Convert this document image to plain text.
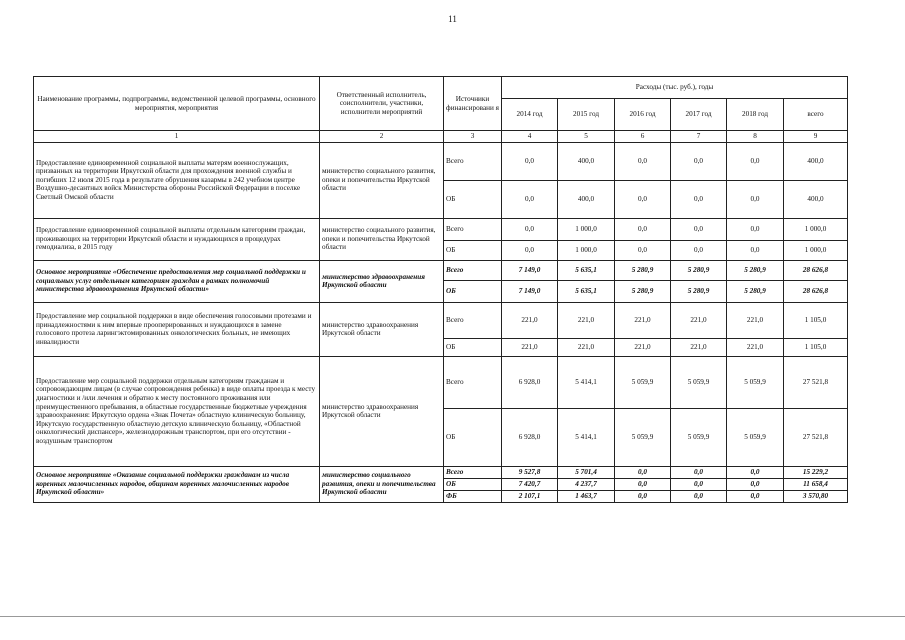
11
Наименование программы, подпрограммы, ведомственной целевой программы, основного мероприятия, мероприятия	Ответственный исполнитель, соисполнители, участники, исполнители мероприятий	Источники финансировани я	Расходы (тыс. руб.), годы					
			2014 год	2015 год	2016 год	2017 год	2018 год	всего
1	2	3	4	5	6	7	8	9
Предоставление единовременной социальной выплаты матерям военнослужащих, призванных на территории Иркутской области для прохождения военной службы и погибших 12 июля 2015 года в результате обрушения казармы в 242 учебном центре Воздушно-десантных войск Министерства обороны Российской Федерации в поселке Светлый Омской области	министерство социального развития, опеки и попечительства Иркутской области	Всего	0,0	400,0	0,0	0,0	0,0	400,0
		ОБ	0,0	400,0	0,0	0,0	0,0	400,0
Предоставление единовременной социальной выплаты отдельным категориям граждан, проживающих на территории Иркутской области и нуждающихся в процедурах гемодиализа, в 2015 году	министерство социального развития, опеки и попечительства Иркутской области	Всего	0,0	1 000,0	0,0	0,0	0,0	1 000,0
		ОБ	0,0	1 000,0	0,0	0,0	0,0	1 000,0
Основное мероприятие «Обеспечение предоставления мер социальной поддержки и социальных услуг отдельным категориям граждан в рамках полномочий министерства здравоохранения Иркутской области»	министерство здравоохранения Иркутской области	Всего	7 149,0	5 635,1	5 280,9	5 280,9	5 280,9	28 626,8
		ОБ	7 149,0	5 635,1	5 280,9	5 280,9	5 280,9	28 626,8
Предоставление мер социальной поддержки в виде обеспечения голосовыми протезами и принадлежностями к ним впервые прооперированных и нуждающихся в замене голосового протеза ларингэктомированных онкологических больных, не имеющих инвалидности	министерство здравоохранения Иркутской области	Всего	221,0	221,0	221,0	221,0	221,0	1 105,0
		ОБ	221,0	221,0	221,0	221,0	221,0	1 105,0
Предоставление мер социальной поддержки отдельным категориям гражданам и сопровождающим лицам (в случае сопровождения ребенка) в виде оплаты проезда к месту диагностики и /или лечения и обратно к месту постоянного проживания или преимущественного пребывания, в областные государственные бюджетные учреждения здравоохранения: Иркутскую ордена «Знак Почета» областную клиническую больницу, Иркутскую государственную областную детскую клиническую больницу, «Областной онкологический диспансер», железнодорожным транспортом, при его отсутствии - воздушным транспортом	министерство здравоохранения Иркутской области	Всего	6 928,0	5 414,1	5 059,9	5 059,9	5 059,9	27 521,8
		ОБ	6 928,0	5 414,1	5 059,9	5 059,9	5 059,9	27 521,8
Основное мероприятие «Оказание социальной поддержки гражданам из числа коренных малочисленных народов, общинам коренных малочисленных народов Иркутской области»	министерство социального развития, опеки и попечительства Иркутской области	Всего	9 527,8	5 701,4	0,0	0,0	0,0	15 229,2
		ОБ	7 420,7	4 237,7	0,0	0,0	0,0	11 658,4
		ФБ	2 107,1	1 463,7	0,0	0,0	0,0	3 570,80
